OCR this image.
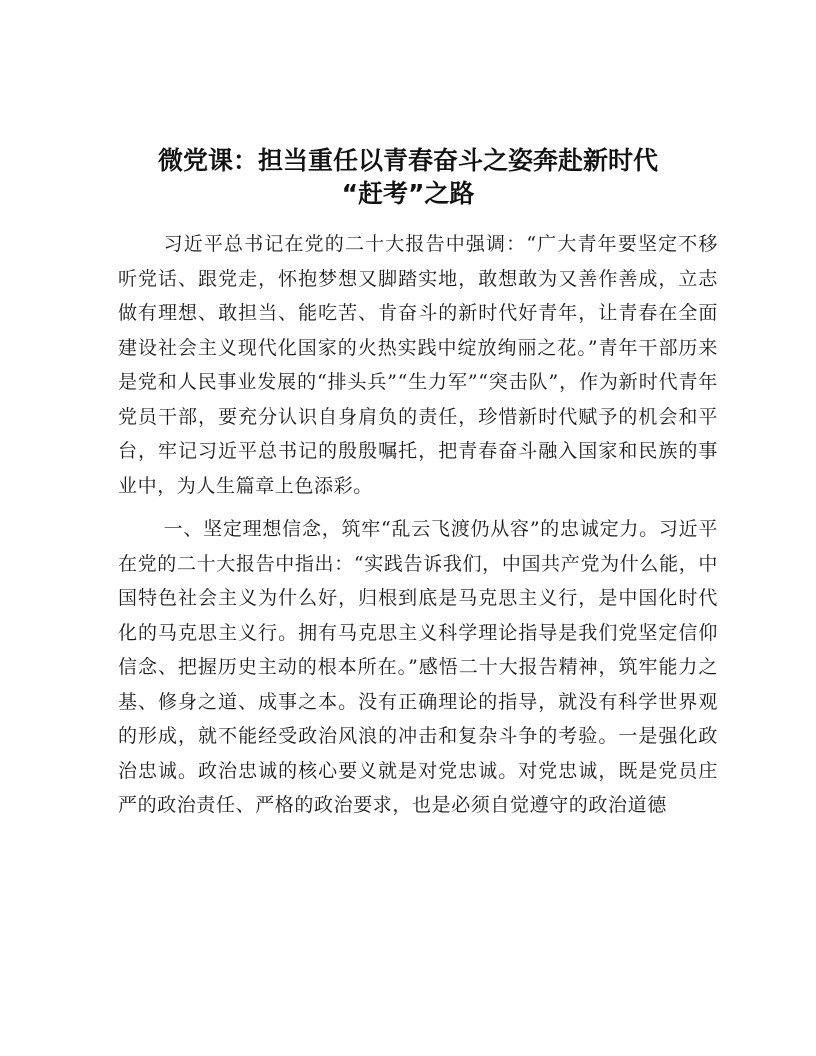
微党课：担当重任以青春奋斗之姿奔赴新时代
“赶考”之路

习近平总书记在党的二十大报告中强调：“广大青年要坚定不移听党话、跟党走，怀抱梦想又脚踏实地，敢想敢为又善作善成，立志做有理想、敢担当、能吃苦、肯奋斗的新时代好青年，让青春在全面建设社会主义现代化国家的火热实践中绽放绚丽之花。”青年干部历来是党和人民事业发展的“排头兵”“生力军”“突击队”，作为新时代青年党员干部，要充分认识自身肩负的责任，珍惜新时代赋予的机会和平台，牢记习近平总书记的殷殷嘱托，把青春奋斗融入国家和民族的事业中，为人生篇章上色添彩。

一、坚定理想信念，筑牢“乱云飞渡仍从容”的忠诚定力。习近平在党的二十大报告中指出：“实践告诉我们，中国共产党为什么能，中国特色社会主义为什么好，归根到底是马克思主义行，是中国化时代化的马克思主义行。拥有马克思主义科学理论指导是我们党坚定信仰信念、把握历史主动的根本所在。”感悟二十大报告精神，筑牢能力之基、修身之道、成事之本。没有正确理论的指导，就没有科学世界观的形成，就不能经受政治风浪的冲击和复杂斗争的考验。一是强化政治忠诚。政治忠诚的核心要义就是对党忠诚。对党忠诚，既是党员庄严的政治责任、严格的政治要求，也是必须自觉遵守的政治道德
